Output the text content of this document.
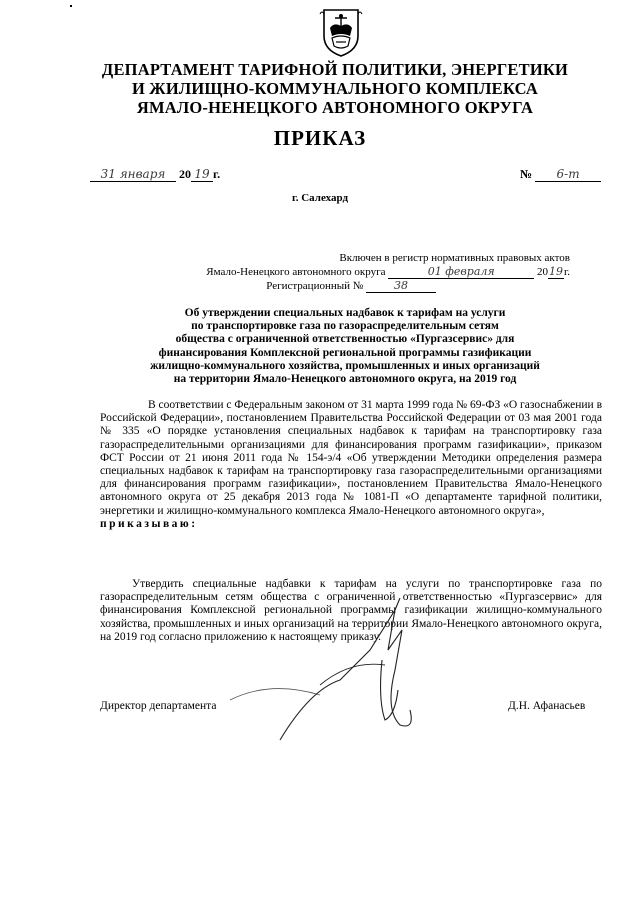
ДЕПАРТАМЕНТ ТАРИФНОЙ ПОЛИТИКИ, ЭНЕРГЕТИКИ
И ЖИЛИЩНО-КОММУНАЛЬНОГО КОМПЛЕКСА
ЯМАЛО-НЕНЕЦКОГО АВТОНОМНОГО ОКРУГА
ПРИКАЗ
31 января 20 19 г.	№ 6-т
г. Салехард
Включен в регистр нормативных правовых актов
Ямало-Ненецкого автономного округа	01 февраля	2019г.
Регистрационный №	38
Об утверждении специальных надбавок к тарифам на услуги
по транспортировке газа по газораспределительным сетям
общества с ограниченной ответственностью «Пургазсервис» для
финансирования Комплексной региональной программы газификации
жилищно-коммунального хозяйства, промышленных и иных организаций
на территории Ямало-Ненецкого автономного округа, на 2019 год
В соответствии с Федеральным законом от 31 марта 1999 года № 69-ФЗ «О газоснабжении в Российской Федерации», постановлением Правительства Российской Федерации от 03 мая 2001 года № 335 «О порядке установления специальных надбавок к тарифам на транспортировку газа газораспределительными организациями для финансирования программ газификации», приказом ФСТ России от 21 июня 2011 года № 154-э/4 «Об утверждении Методики определения размера специальных надбавок к тарифам на транспортировку газа газораспределительными организациями для финансирования программ газификации», постановлением Правительства Ямало-Ненецкого автономного округа от 25 декабря 2013 года № 1081-П «О департаменте тарифной политики, энергетики и жилищно-коммунального комплекса Ямало-Ненецкого автономного округа»,
приказываю:
Утвердить специальные надбавки к тарифам на услуги по транспортировке газа по газораспределительным сетям общества с ограниченной ответственностью «Пургазсервис» для финансирования Комплексной региональной программы газификации жилищно-коммунального хозяйства, промышленных и иных организаций на территории Ямало-Ненецкого автономного округа, на 2019 год согласно приложению к настоящему приказу.
Директор департамента	Д.Н. Афанасьев
